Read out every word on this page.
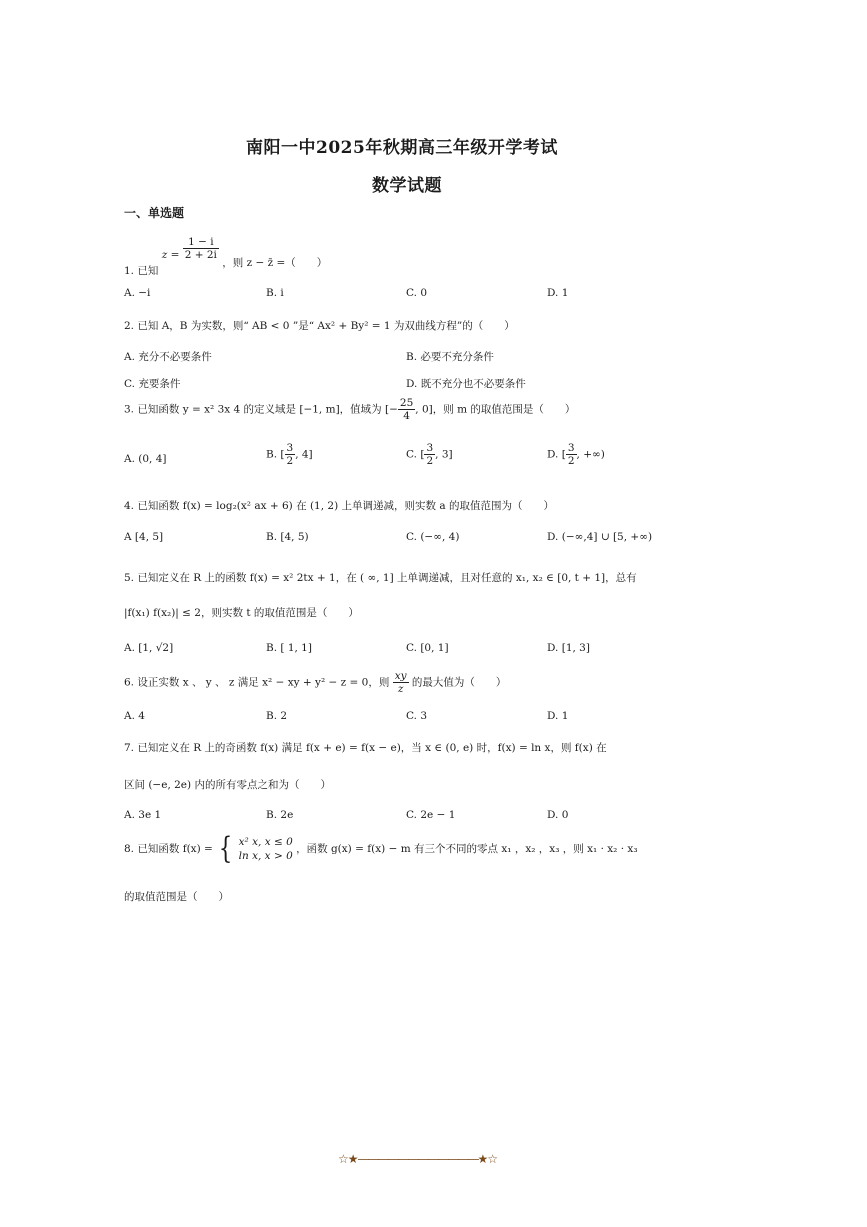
南阳一中2025年秋期高三年级开学考试
数学试题
一、单选题
1. 已知 $z = \frac{1 - i}{2 + 2i}$
，则 z − z̄ =（　　）
A. −i	B. i	C. 0	D. 1
2. 已知 A，B 为实数，则“ AB < 0 ”是“ Ax² + By² = 1 为双曲线方程”的（　　）
A. 充分不必要条件	B. 必要不充分条件
C. 充要条件	D. 既不充分也不必要条件
3. 已知函数 y = x² 3x 4 的定义域是 [−1, m]，值域为 [− $\frac{25}{4}$ , 0]，则 m 的取值范围是（　　）
A. (0, 4]	B. [ $\frac{3}{2}$ , 4]	C. [ $\frac{3}{2}$ , 3]	D. [ $\frac{3}{2}$ , +∞)
4. 已知函数 f(x) = log₂(x² ax + 6) 在 (1, 2) 上单调递减，则实数 a 的取值范围为（　　）
A [4, 5]	B. [4, 5)	C. (−∞, 4)	D. (−∞,4] ∪ [5, +∞)
5. 已知定义在 R 上的函数 f(x) = x² 2tx + 1，在 ( ∞, 1] 上单调递减，且对任意的 x₁, x₂ ∈ [0, t + 1]，总有
|f(x₁) f(x₂)| ≤ 2，则实数 t 的取值范围是（　　）
A. [1, √2]	B. [ 1, 1]	C. [0, 1]	D. [1, 3]
6. 设正实数 x 、 y 、 z 满足 x² − xy + y² − z = 0，则 $\frac{xy}{z}$ 的最大值为（　　）
A. 4	B. 2	C. 3	D. 1
7. 已知定义在 R 上的奇函数 f(x) 满足 f(x + e) = f(x − e)，当 x ∈ (0, e) 时，f(x) = ln x，则 f(x) 在
区间 (−e, 2e) 内的所有零点之和为（　　）
A. 3e 1	B. 2e	C. 2e − 1	D. 0
8. 已知函数 f(x) = { x² x, x ≤ 0
ln x, x > 0
，函数 g(x) = f(x) − m 有三个不同的零点 x₁ ，x₂ ，x₃ ，则 x₁ · x₂ · x₃
的取值范围是（　　）
☆★————————————★☆
